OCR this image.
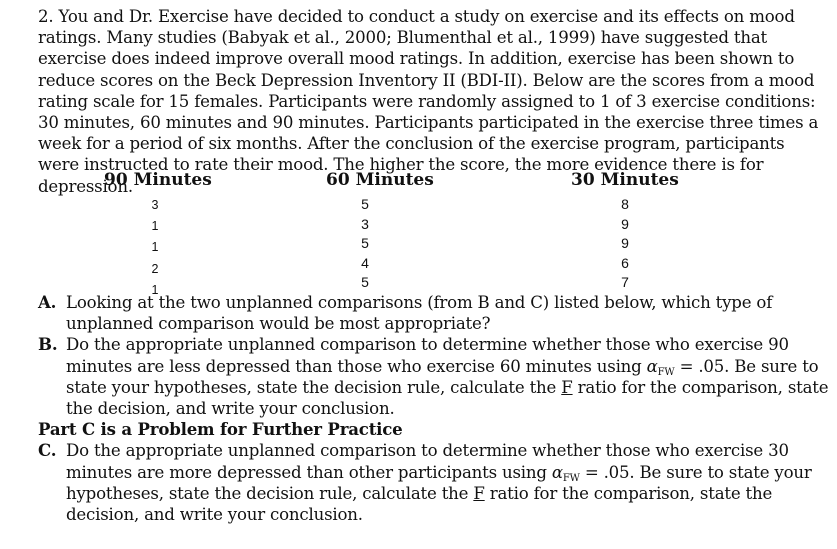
2. You and Dr. Exercise have decided to conduct a study on exercise and its effects on mood ratings. Many studies (Babyak et al., 2000; Blumenthal et al., 1999) have suggested that exercise does indeed improve overall mood ratings. In addition, exercise has been shown to reduce scores on the Beck Depression Inventory II (BDI-II). Below are the scores from a mood rating scale for 15 females. Participants were randomly assigned to 1 of 3 exercise conditions: 30 minutes, 60 minutes and 90 minutes. Participants participated in the exercise three times a week for a period of six months. After the conclusion of the exercise program, participants were instructed to rate their mood. The higher the score, the more evidence there is for depression.
90 Minutes	60 Minutes	30 Minutes
3
1
1
2
1
5
3
5
4
5
8
9
9
6
7
A. Looking at the two unplanned comparisons (from B and C) listed below, which type of unplanned comparison would be most appropriate?
B. Do the appropriate unplanned comparison to determine whether those who exercise 90 minutes are less depressed than those who exercise 60 minutes using $\alpha_{FW} = .05$. Be sure to state your hypotheses, state the decision rule, calculate the F ratio for the comparison, state the decision, and write your conclusion.
Part C is a Problem for Further Practice
C. Do the appropriate unplanned comparison to determine whether those who exercise 30 minutes are more depressed than other participants using $\alpha_{FW} = .05$. Be sure to state your hypotheses, state the decision rule, calculate the F ratio for the comparison, state the decision, and write your conclusion.
